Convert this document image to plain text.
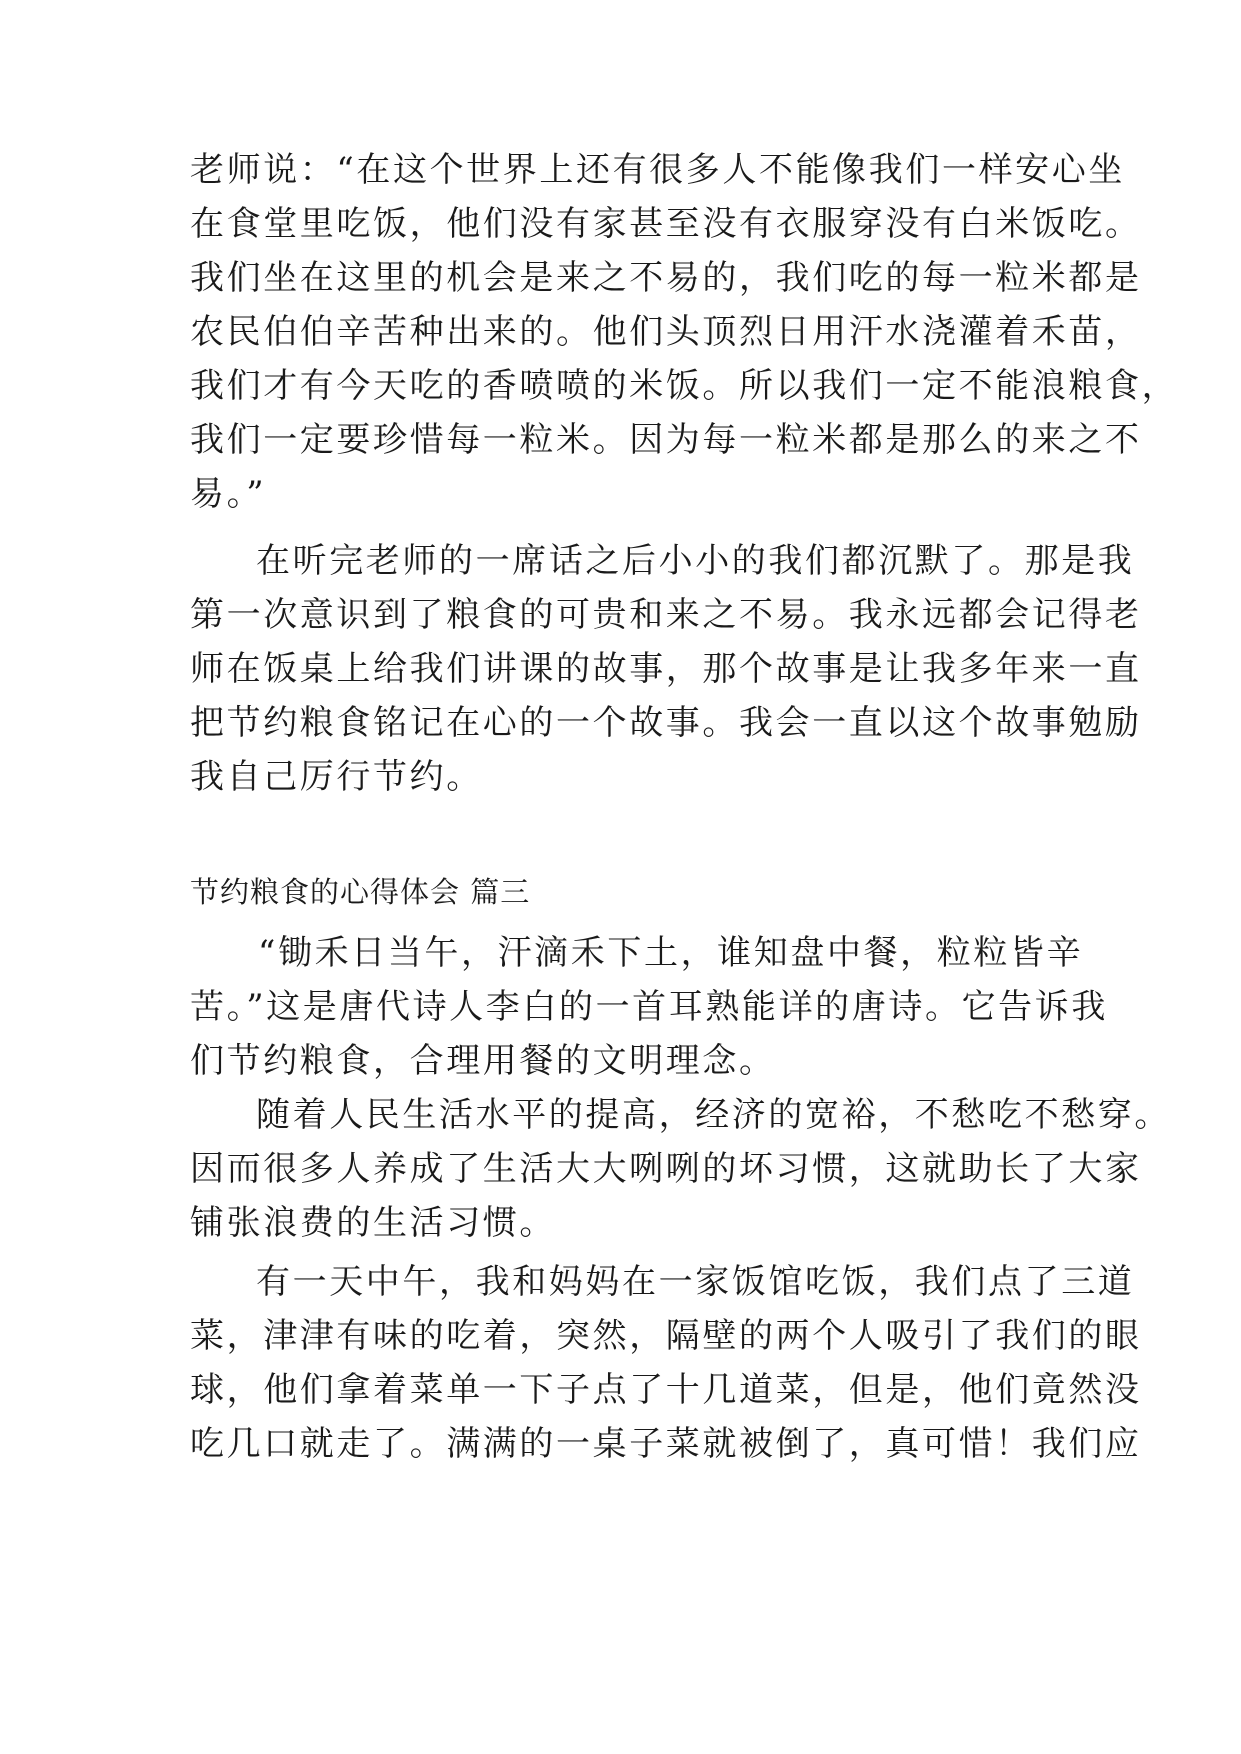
老师说：“在这个世界上还有很多人不能像我们一样安心坐
在食堂里吃饭，他们没有家甚至没有衣服穿没有白米饭吃。
我们坐在这里的机会是来之不易的，我们吃的每一粒米都是
农民伯伯辛苦种出来的。他们头顶烈日用汗水浇灌着禾苗，
我们才有今天吃的香喷喷的米饭。所以我们一定不能浪粮食，
我们一定要珍惜每一粒米。因为每一粒米都是那么的来之不
易。”
在听完老师的一席话之后小小的我们都沉默了。那是我
第一次意识到了粮食的可贵和来之不易。我永远都会记得老
师在饭桌上给我们讲课的故事，那个故事是让我多年来一直
把节约粮食铭记在心的一个故事。我会一直以这个故事勉励
我自己厉行节约。
节约粮食的心得体会 篇三
“锄禾日当午，汗滴禾下土，谁知盘中餐，粒粒皆辛
苦。”这是唐代诗人李白的一首耳熟能详的唐诗。它告诉我
们节约粮食，合理用餐的文明理念。
随着人民生活水平的提高，经济的宽裕，不愁吃不愁穿。
因而很多人养成了生活大大咧咧的坏习惯，这就助长了大家
铺张浪费的生活习惯。
有一天中午，我和妈妈在一家饭馆吃饭，我们点了三道
菜，津津有味的吃着，突然，隔壁的两个人吸引了我们的眼
球，他们拿着菜单一下子点了十几道菜，但是，他们竟然没
吃几口就走了。满满的一桌子菜就被倒了，真可惜！我们应
